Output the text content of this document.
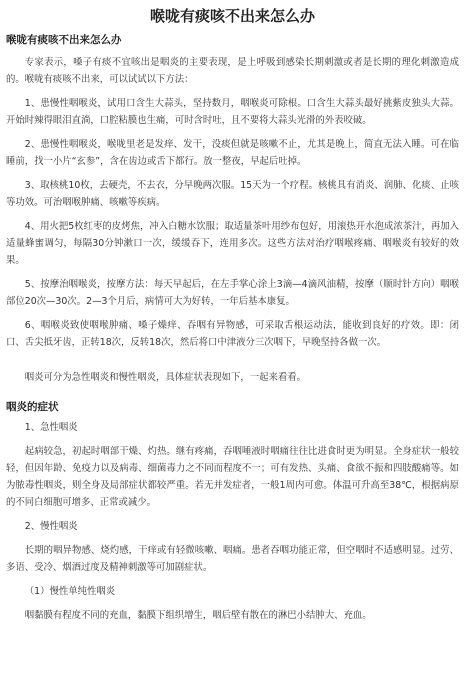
喉咙有痰咳不出来怎么办
喉咙有痰咳不出来怎么办

专家表示，嗓子有痰不宜咳出是咽炎的主要表现，是上呼吸到感染长期刺激或者是长期的理化刺激造成的。喉咙有痰咳不出来，可以试试以下方法：

1、患慢性咽喉炎，试用口含生大蒜头，坚持数月，咽喉炎可除根。口含生大蒜头最好挑紫皮独头大蒜。开始时辣得眼泪直淌，口腔粘膜也生痛，可时含时吐，且不要将大蒜头光滑的外表咬破。

2、患慢性咽喉炎，喉咙里老是发痒、发干，没痰但就是咳嗽不止，尤其是晚上，简直无法入睡。可在临睡前，找一小片“玄参”，含在齿边或舌下都行。放一整夜，早起后吐掉。

3、取核桃10枚，去硬壳，不去衣，分早晚两次服。15天为一个疗程。核桃具有消炎、润肺、化痰、止咳等功效。可治咽喉肿痛、咳嗽等疾病。

4、用火把5枚红枣的皮烤焦，冲入白糖水饮服；取适量茶叶用纱布包好，用滚热开水泡成浓茶汁，再加入适量蜂蜜调匀，每隔30分钟漱口一次，缓缓吞下，连用多次。这些方法对治疗咽喉疼痛、咽喉炎有较好的效果。

5、按摩治咽喉炎，按摩方法：每天早起后，在左手掌心涂上3滴—4滴风油精，按摩（顺时针方向）咽喉部位20次—30次。2—3个月后，病情可大为好转，一年后基本康复。

6、咽喉炎致使咽喉肿痛、嗓子燥痒、吞咽有异物感，可采取舌根运动法，能收到良好的疗效。即：闭口、舌尖抵牙齿，正转18次，反转18次，然后将口中津液分三次咽下，早晚坚持各做一次。

咽炎可分为急性咽炎和慢性咽炎，具体症状表现如下，一起来看看。

咽炎的症状

1、急性咽炎

起病较急，初起时咽部干燥、灼热。继有疼痛，吞咽唾液时咽痛往往比进食时更为明显。全身症状一般较轻，但因年龄、免疫力以及病毒、细菌毒力之不同而程度不一；可有发热、头痛、食欲不振和四肢酸痛等。如为脓毒性咽炎，则全身及局部症状都较严重。若无并发症者，一般1周内可愈。体温可升高至38℃，根据病原的不同白细胞可增多、正常或减少。

2、慢性咽炎

长期的咽异物感、烧灼感，干痒或有轻微咳嗽、咽痛。患者吞咽功能正常，但空咽时不适感明显。过劳、多语、受冷、烟酒过度及精神刺激等可加剧症状。

（1）慢性单纯性咽炎

咽黏膜有程度不同的充血，黏膜下组织增生，咽后壁有散在的淋巴小结肿大、充血。
